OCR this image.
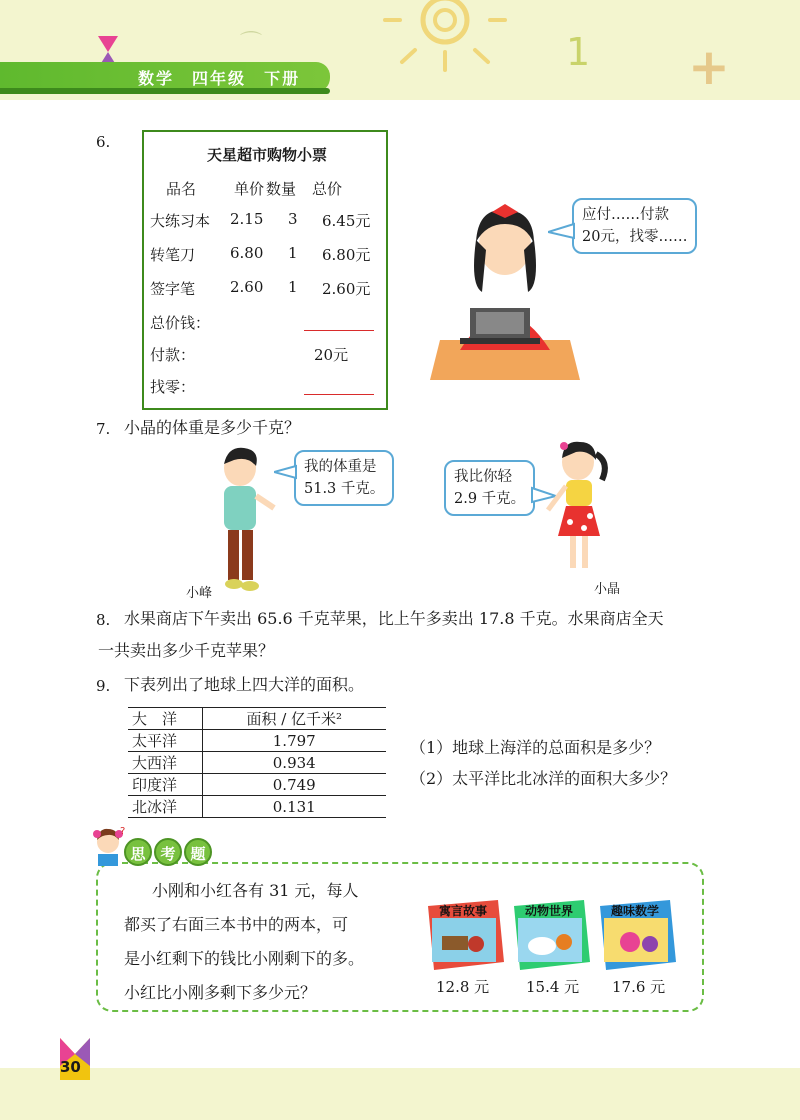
⌒	1 +
数学　 四年级　 下册
6.
天星超市购物小票
品名	单价 数量 总价
大练习本 2.15 3 6.45元
转笔刀 6.80 1 6.80元
签字笔 2.60 1 2.60元
总价钱：
付款：	20元
找零：
应付……付款
20元，找零……
7. 小晶的体重是多少千克？
小峰
我的体重是
51.3 千克。
我比你轻
2.9 千克。
小晶
8. 水果商店下午卖出 65.6 千克苹果，比上午多卖出 17.8 千克。水果商店全天
一共卖出多少千克苹果？
9. 下表列出了地球上四大洋的面积。
大　洋	面积 / 亿千米²
太平洋	1.797
大西洋	0.934
印度洋	0.749
北冰洋	0.131
（1）地球上海洋的总面积是多少？
（2）太平洋比北冰洋的面积大多少？
?
思 考 题
小刚和小红各有 31 元，每人
都买了右面三本书中的两本，可
是小红剩下的钱比小刚剩下的多。
小红比小刚多剩下多少元？
寓言故事	动物世界	趣味数学
12.8 元 15.4 元 17.6 元
30
